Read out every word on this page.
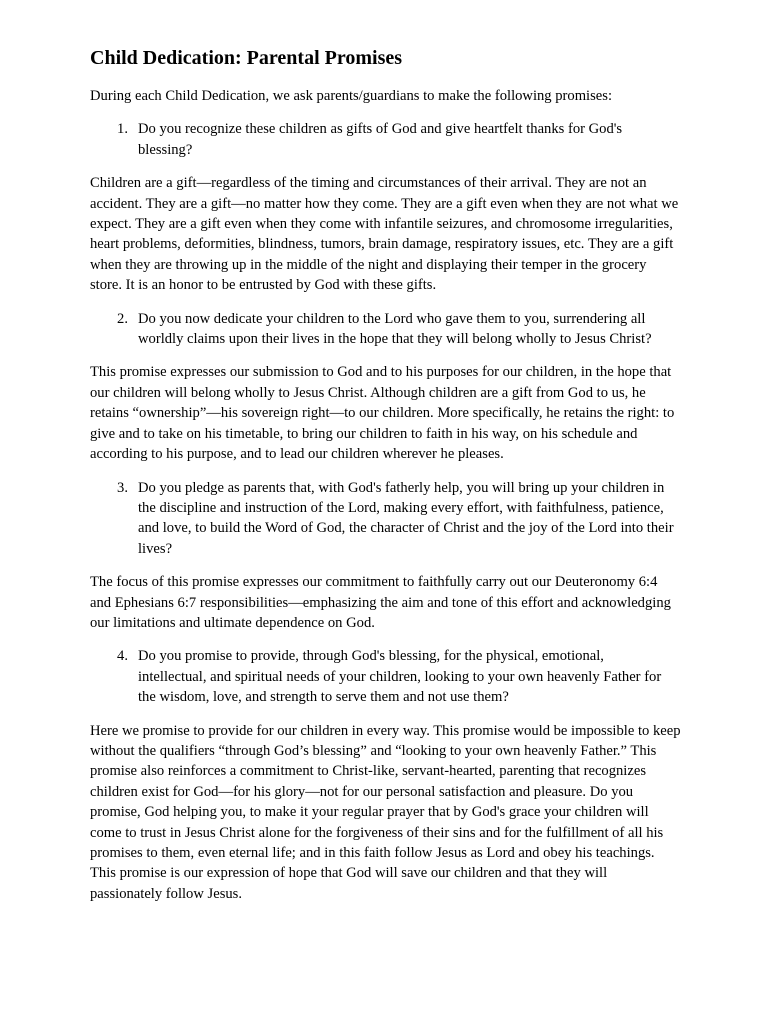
Child Dedication: Parental Promises

During each Child Dedication, we ask parents/guardians to make the following promises:

1. Do you recognize these children as gifts of God and give heartfelt thanks for God's blessing?

Children are a gift—regardless of the timing and circumstances of their arrival. They are not an accident. They are a gift—no matter how they come. They are a gift even when they are not what we expect. They are a gift even when they come with infantile seizures, and chromosome irregularities, heart problems, deformities, blindness, tumors, brain damage, respiratory issues, etc. They are a gift when they are throwing up in the middle of the night and displaying their temper in the grocery store. It is an honor to be entrusted by God with these gifts.

2. Do you now dedicate your children to the Lord who gave them to you, surrendering all worldly claims upon their lives in the hope that they will belong wholly to Jesus Christ?

This promise expresses our submission to God and to his purposes for our children, in the hope that our children will belong wholly to Jesus Christ. Although children are a gift from God to us, he retains “ownership”—his sovereign right—to our children. More specifically, he retains the right: to give and to take on his timetable, to bring our children to faith in his way, on his schedule and according to his purpose, and to lead our children wherever he pleases.

3. Do you pledge as parents that, with God's fatherly help, you will bring up your children in the discipline and instruction of the Lord, making every effort, with faithfulness, patience, and love, to build the Word of God, the character of Christ and the joy of the Lord into their lives?

The focus of this promise expresses our commitment to faithfully carry out our Deuteronomy 6:4 and Ephesians 6:7 responsibilities—emphasizing the aim and tone of this effort and acknowledging our limitations and ultimate dependence on God.

4. Do you promise to provide, through God's blessing, for the physical, emotional, intellectual, and spiritual needs of your children, looking to your own heavenly Father for the wisdom, love, and strength to serve them and not use them?

Here we promise to provide for our children in every way. This promise would be impossible to keep without the qualifiers “through God’s blessing” and “looking to your own heavenly Father.” This promise also reinforces a commitment to Christ-like, servant-hearted, parenting that recognizes children exist for God—for his glory—not for our personal satisfaction and pleasure. Do you promise, God helping you, to make it your regular prayer that by God's grace your children will come to trust in Jesus Christ alone for the forgiveness of their sins and for the fulfillment of all his promises to them, even eternal life; and in this faith follow Jesus as Lord and obey his teachings. This promise is our expression of hope that God will save our children and that they will passionately follow Jesus.
